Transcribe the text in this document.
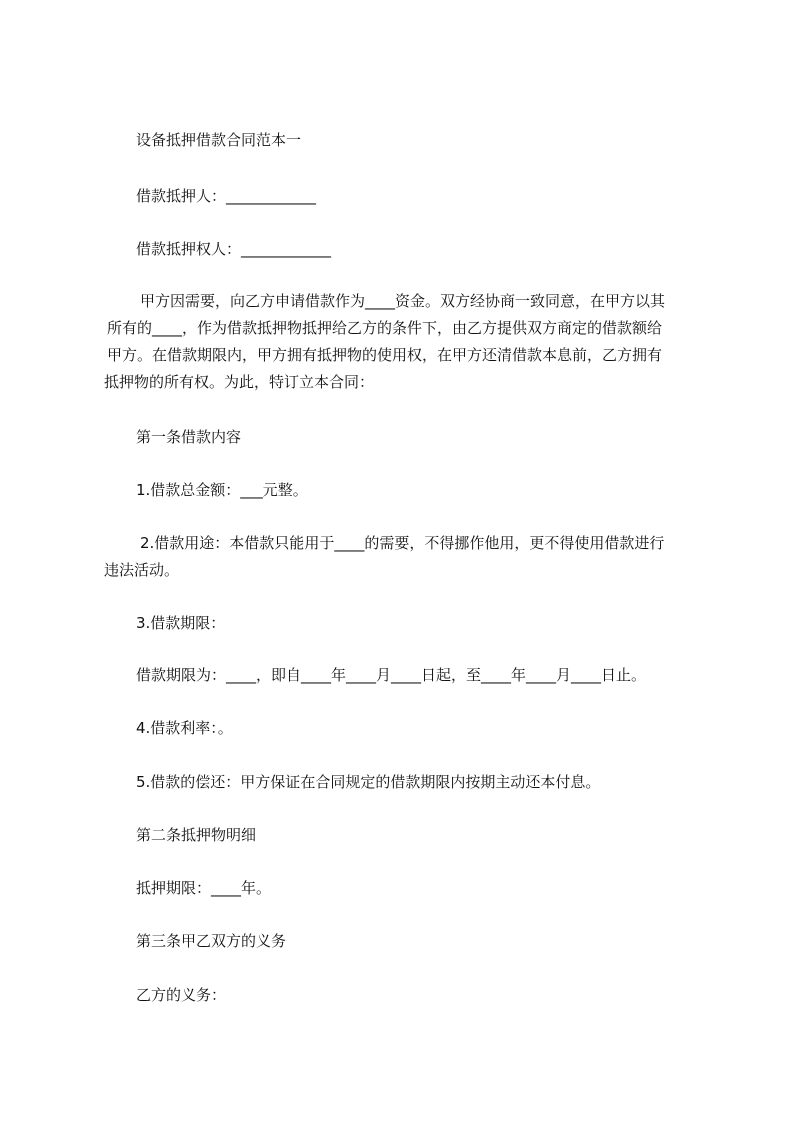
设备抵押借款合同范本一
借款抵押人：____________
借款抵押权人：____________
甲方因需要，向乙方申请借款作为____资金。双方经协商一致同意，在甲方以其
所有的____，作为借款抵押物抵押给乙方的条件下，由乙方提供双方商定的借款额给
甲方。在借款期限内，甲方拥有抵押物的使用权，在甲方还清借款本息前，乙方拥有
抵押物的所有权。为此，特订立本合同：
第一条借款内容
1.借款总金额：___元整。
2.借款用途：本借款只能用于____的需要，不得挪作他用，更不得使用借款进行
违法活动。
3.借款期限：
借款期限为：____，即自____年____月____日起，至____年____月____日止。
4.借款利率：。
5.借款的偿还：甲方保证在合同规定的借款期限内按期主动还本付息。
第二条抵押物明细
抵押期限：____年。
第三条甲乙双方的义务
乙方的义务：
